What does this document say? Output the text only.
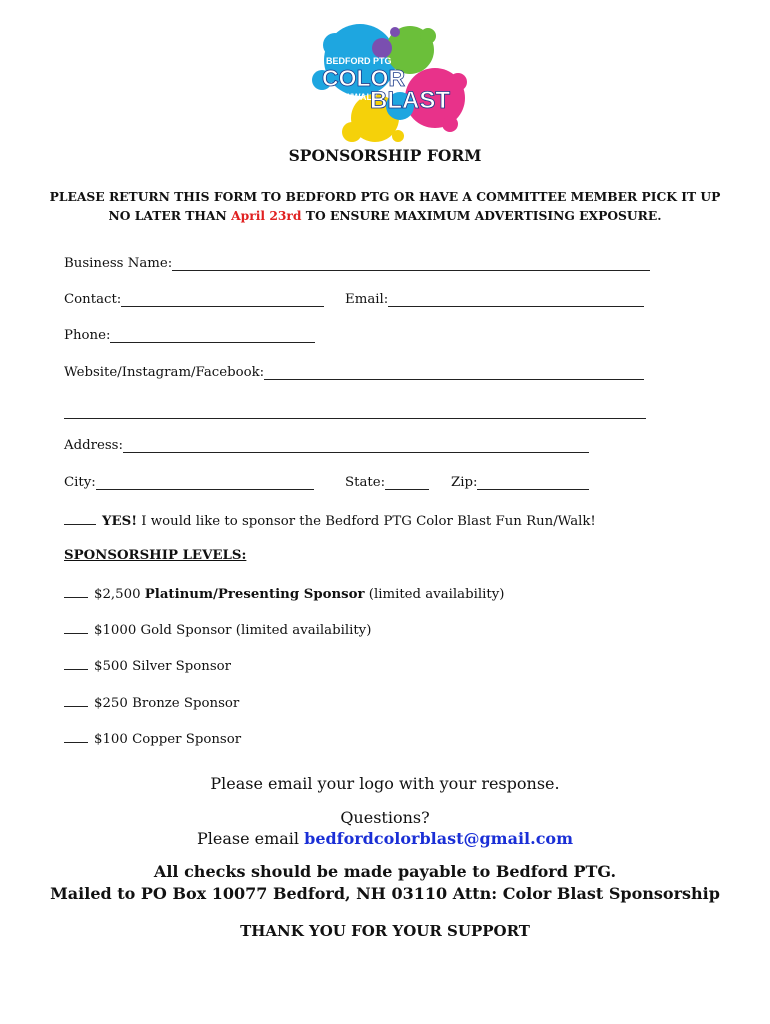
BEDFORD PTG
COLOR
RUN/WALK
BLAST
SPONSORSHIP FORM
PLEASE RETURN THIS FORM TO BEDFORD PTG OR HAVE A COMMITTEE MEMBER PICK IT UP
NO LATER THAN April 23rd TO ENSURE MAXIMUM ADVERTISING EXPOSURE.
Business Name:
Contact:	Email:
Phone:
Website/Instagram/Facebook:
Address:
City:	State:	Zip:
YES! I would like to sponsor the Bedford PTG Color Blast Fun Run/Walk!
SPONSORSHIP LEVELS:
$2,500 Platinum/Presenting Sponsor (limited availability)
$1000 Gold Sponsor (limited availability)
$500 Silver Sponsor
$250 Bronze Sponsor
$100 Copper Sponsor
Please email your logo with your response.
Questions?
Please email bedfordcolorblast@gmail.com
All checks should be made payable to Bedford PTG.
Mailed to PO Box 10077 Bedford, NH 03110 Attn: Color Blast Sponsorship
THANK YOU FOR YOUR SUPPORT
